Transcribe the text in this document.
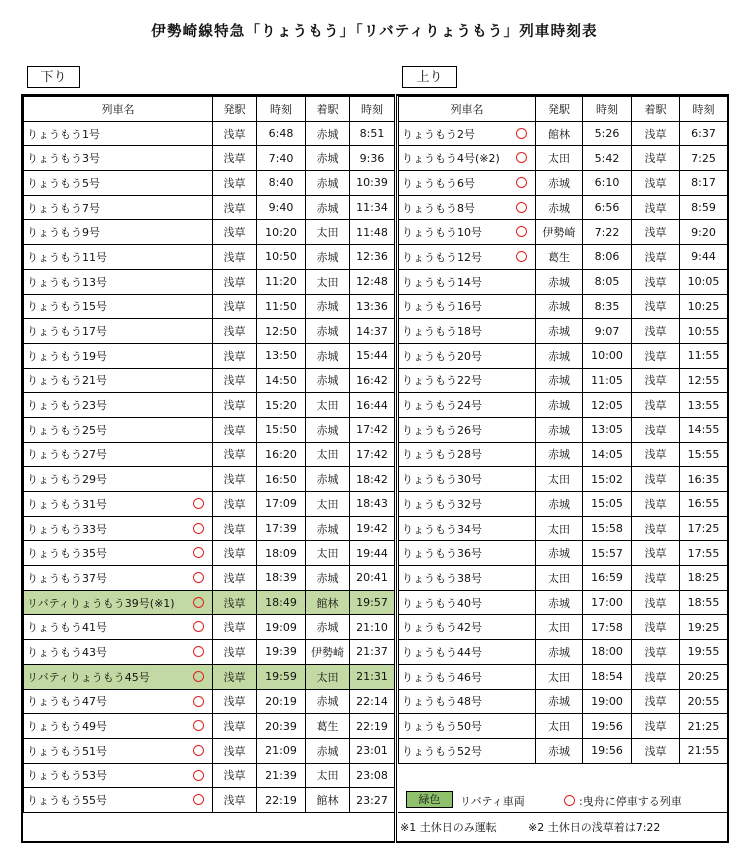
伊勢崎線特急「りょうもう」「リバティりょうもう」列車時刻表
下り	上り
列車名	発駅	時刻	着駅	時刻
りょうもう1号	浅草	6:48	赤城	8:51
りょうもう3号	浅草	7:40	赤城	9:36
りょうもう5号	浅草	8:40	赤城	10:39
りょうもう7号	浅草	9:40	赤城	11:34
りょうもう9号	浅草	10:20	太田	11:48
りょうもう11号	浅草	10:50	赤城	12:36
りょうもう13号	浅草	11:20	太田	12:48
りょうもう15号	浅草	11:50	赤城	13:36
りょうもう17号	浅草	12:50	赤城	14:37
りょうもう19号	浅草	13:50	赤城	15:44
りょうもう21号	浅草	14:50	赤城	16:42
りょうもう23号	浅草	15:20	太田	16:44
りょうもう25号	浅草	15:50	赤城	17:42
りょうもう27号	浅草	16:20	太田	17:42
りょうもう29号	浅草	16:50	赤城	18:42
りょうもう31号	浅草	17:09	太田	18:43
りょうもう33号	浅草	17:39	赤城	19:42
りょうもう35号	浅草	18:09	太田	19:44
りょうもう37号	浅草	18:39	赤城	20:41
リバティりょうもう39号(※1)	浅草	18:49	館林	19:57
りょうもう41号	浅草	19:09	赤城	21:10
りょうもう43号	浅草	19:39	伊勢崎	21:37
リバティりょうもう45号	浅草	19:59	太田	21:31
りょうもう47号	浅草	20:19	赤城	22:14
りょうもう49号	浅草	20:39	葛生	22:19
りょうもう51号	浅草	21:09	赤城	23:01
りょうもう53号	浅草	21:39	太田	23:08
りょうもう55号	浅草	22:19	館林	23:27
列車名	発駅	時刻	着駅	時刻
りょうもう2号	館林	5:26	浅草	6:37
りょうもう4号(※2)	太田	5:42	浅草	7:25
りょうもう6号	赤城	6:10	浅草	8:17
りょうもう8号	赤城	6:56	浅草	8:59
りょうもう10号	伊勢崎	7:22	浅草	9:20
りょうもう12号	葛生	8:06	浅草	9:44
りょうもう14号	赤城	8:05	浅草	10:05
りょうもう16号	赤城	8:35	浅草	10:25
りょうもう18号	赤城	9:07	浅草	10:55
りょうもう20号	赤城	10:00	浅草	11:55
りょうもう22号	赤城	11:05	浅草	12:55
りょうもう24号	赤城	12:05	浅草	13:55
りょうもう26号	赤城	13:05	浅草	14:55
りょうもう28号	赤城	14:05	浅草	15:55
りょうもう30号	太田	15:02	浅草	16:35
りょうもう32号	赤城	15:05	浅草	16:55
りょうもう34号	太田	15:58	浅草	17:25
りょうもう36号	赤城	15:57	浅草	17:55
りょうもう38号	太田	16:59	浅草	18:25
りょうもう40号	赤城	17:00	浅草	18:55
りょうもう42号	太田	17:58	浅草	19:25
りょうもう44号	赤城	18:00	浅草	19:55
りょうもう46号	太田	18:54	浅草	20:25
りょうもう48号	赤城	19:00	浅草	20:55
りょうもう50号	太田	19:56	浅草	21:25
りょうもう52号	赤城	19:56	浅草	21:55
緑色	リバティ車両	:曳舟に停車する列車
※1 土休日のみ運転	※2 土休日の浅草着は7:22
